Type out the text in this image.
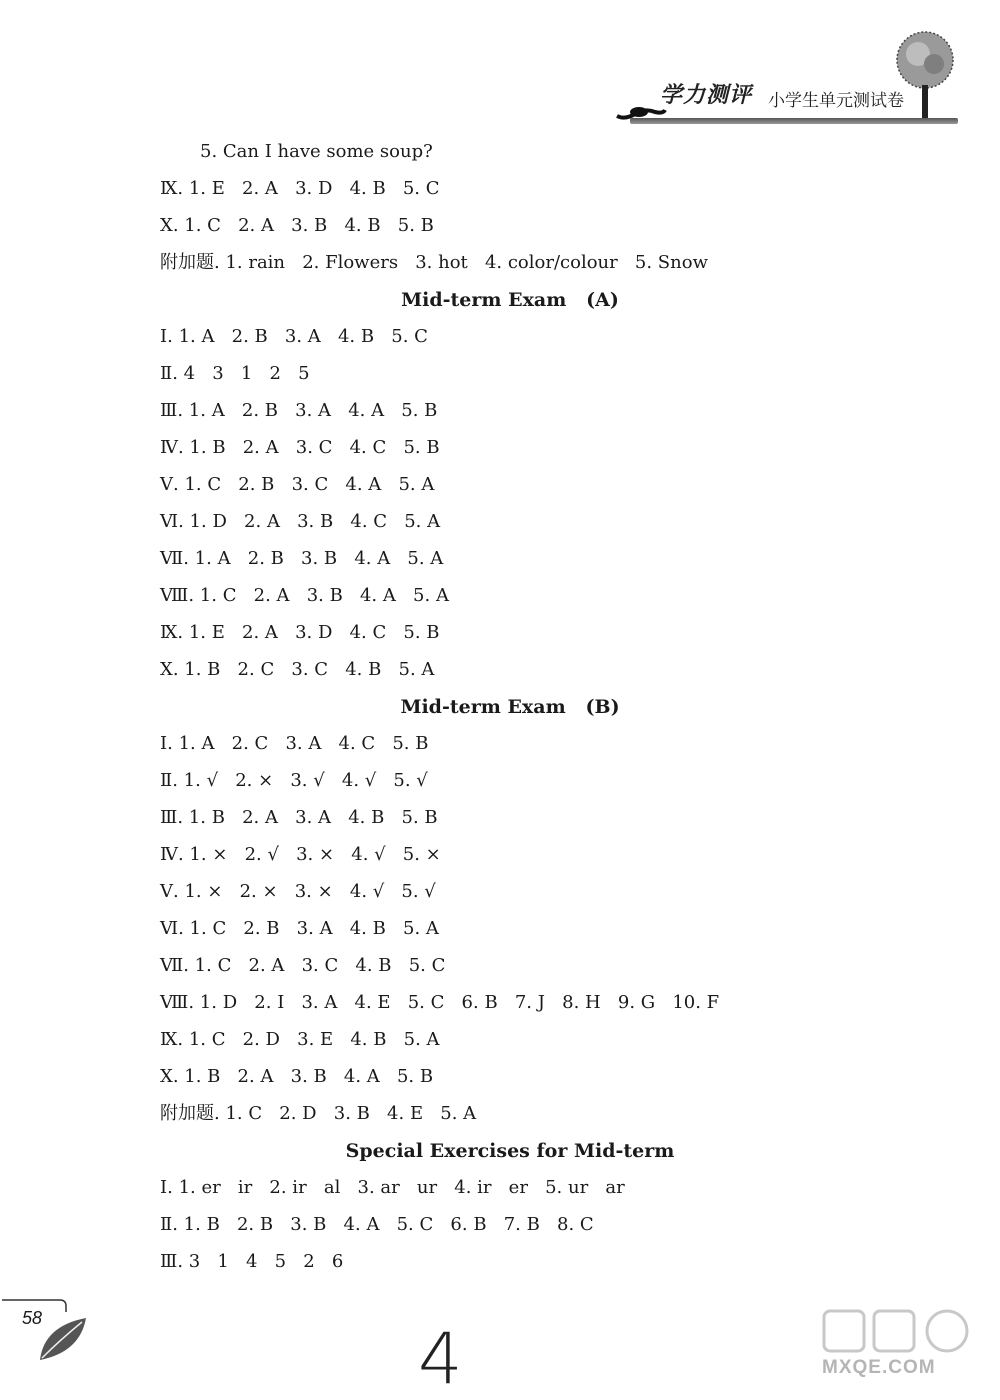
学力测评 小学生单元测试卷
5. Can I have some soup?
Ⅸ. 1. E   2. A   3. D   4. B   5. C
Ⅹ. 1. C   2. A   3. B   4. B   5. B
附加题. 1. rain   2. Flowers   3. hot   4. color/colour   5. Snow
Mid-term Exam   (A)
Ⅰ. 1. A   2. B   3. A   4. B   5. C
Ⅱ. 4   3   1   2   5
Ⅲ. 1. A   2. B   3. A   4. A   5. B
Ⅳ. 1. B   2. A   3. C   4. C   5. B
Ⅴ. 1. C   2. B   3. C   4. A   5. A
Ⅵ. 1. D   2. A   3. B   4. C   5. A
Ⅶ. 1. A   2. B   3. B   4. A   5. A
Ⅷ. 1. C   2. A   3. B   4. A   5. A
Ⅸ. 1. E   2. A   3. D   4. C   5. B
Ⅹ. 1. B   2. C   3. C   4. B   5. A
Mid-term Exam   (B)
Ⅰ. 1. A   2. C   3. A   4. C   5. B
Ⅱ. 1. √   2. ×   3. √   4. √   5. √
Ⅲ. 1. B   2. A   3. A   4. B   5. B
Ⅳ. 1. ×   2. √   3. ×   4. √   5. ×
Ⅴ. 1. ×   2. ×   3. ×   4. √   5. √
Ⅵ. 1. C   2. B   3. A   4. B   5. A
Ⅶ. 1. C   2. A   3. C   4. B   5. C
Ⅷ. 1. D   2. I   3. A   4. E   5. C   6. B   7. J   8. H   9. G   10. F
Ⅸ. 1. C   2. D   3. E   4. B   5. A
Ⅹ. 1. B   2. A   3. B   4. A   5. B
附加题. 1. C   2. D   3. B   4. E   5. A
Special Exercises for Mid-term
Ⅰ. 1. er   ir   2. ir   al   3. ar   ur   4. ir   er   5. ur   ar
Ⅱ. 1. B   2. B   3. B   4. A   5. C   6. B   7. B   8. C
Ⅲ. 3   1   4   5   2   6
58	4	MXQE.COM
